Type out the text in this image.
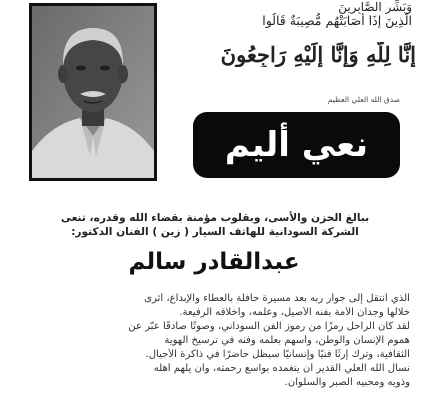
وَبَشِّرِ الصَّابِرِينَ
الَّذِينَ إِذَا أَصَابَتْهُم مُّصِيبَةٌ قَالُوا
إِنَّا لِلَّهِ وَإِنَّا إِلَيْهِ رَاجِعُونَ
صدق الله العلي العظيم
نعي أليم
ببالغ الحزن والأسى، وبقلوب مؤمنة بقضاء الله وقدره، تنعى
الشركة السودانية للهاتف السيار ( زين ) الفنان الدكتور:
عبدالقادر سالم
الذي انتقل إلى جوار ربه بعد مسيرة حافلة بالعطاء والإبداع، أثرى
خلالها وجدان الأمة بفنه الأصيل، وعلمه، وأخلاقه الرفيعة.
لقد كان الراحل رمزًا من رموز الفن السوداني، وصوتًا صادقًا عبّر عن
هموم الإنسان والوطن، وأسهم بعلمه وفنه في ترسيخ الهوية
الثقافية، وترك إرثًا فنيًا وإنسانيًا سيظل حاضرًا في ذاكرة الأجيال.
نسأل الله العلي القدير أن يتغمده بواسع رحمته، وأن يلهم أهله
وذويه ومحبيه الصبر والسلوان.
